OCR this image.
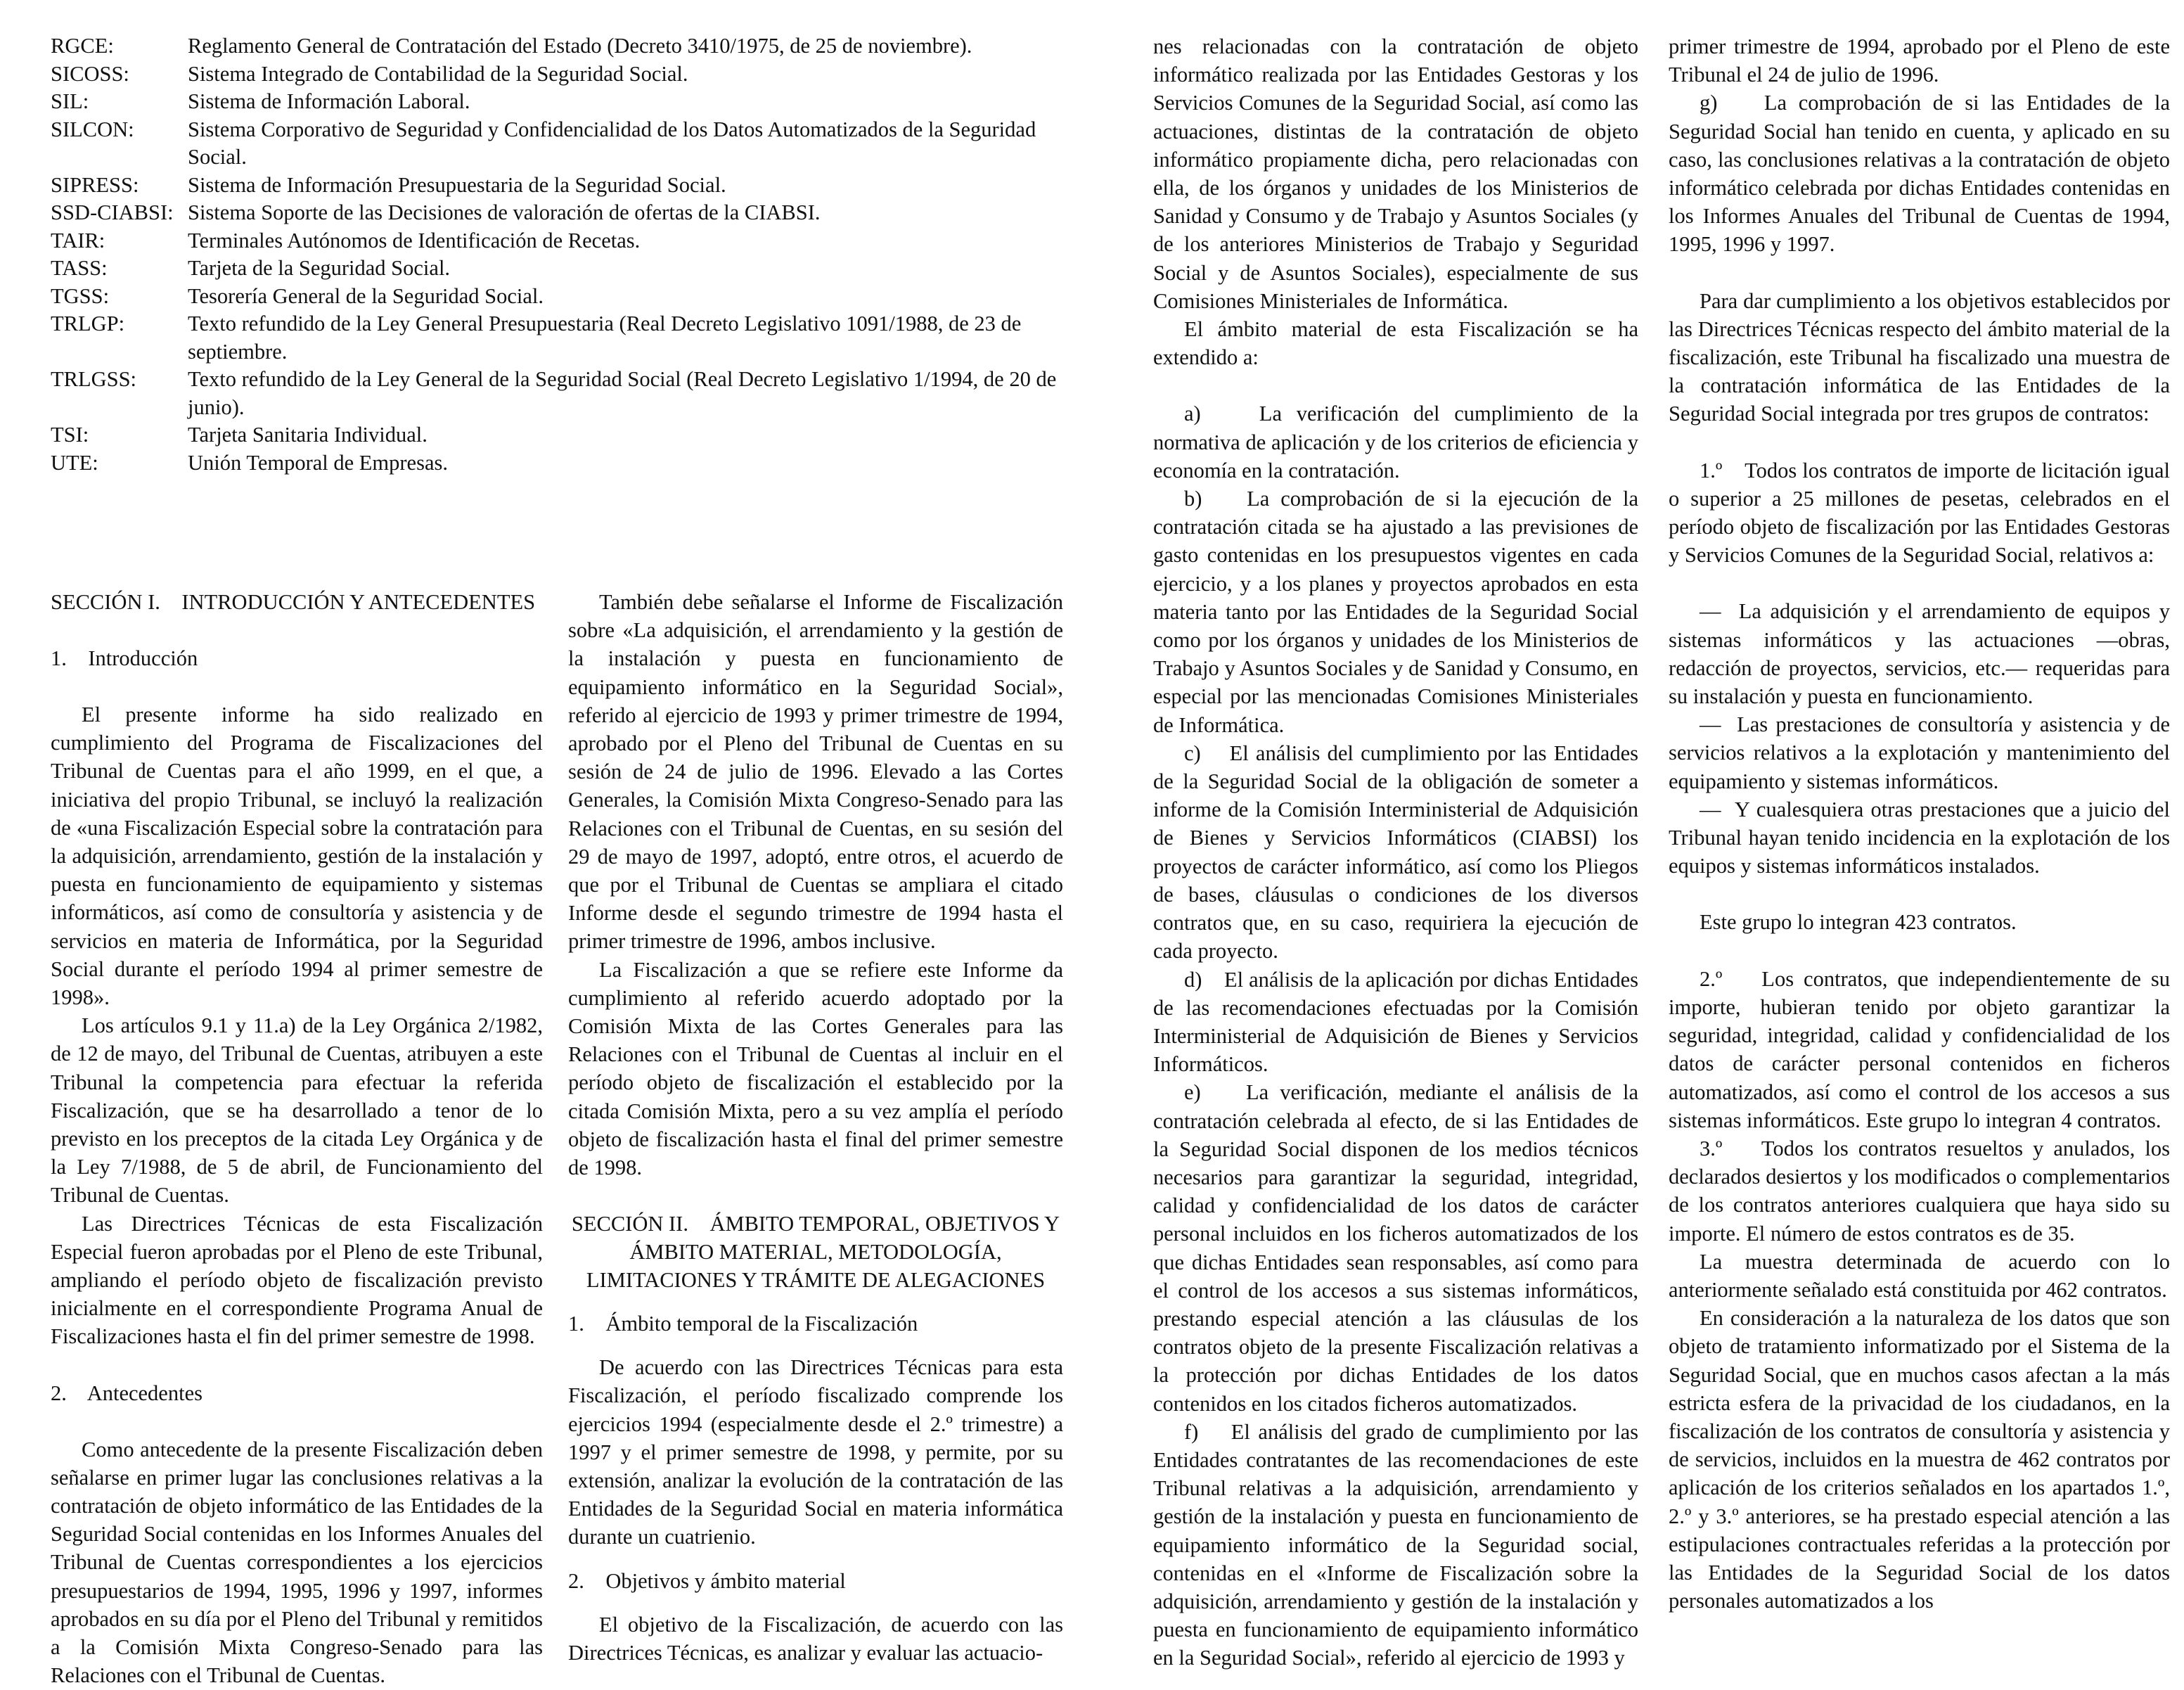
RGCE:	Reglamento General de Contratación del Estado (Decreto 3410/1975, de 25 de noviembre).
SICOSS:	Sistema Integrado de Contabilidad de la Seguridad Social.
SIL:	Sistema de Información Laboral.
SILCON:	Sistema Corporativo de Seguridad y Confidencialidad de los Datos Automatizados de la Seguridad Social.
SIPRESS:	Sistema de Información Presupuestaria de la Seguridad Social.
SSD-CIABSI: Sistema Soporte de las Decisiones de valoración de ofertas de la CIABSI.
TAIR:	Terminales Autónomos de Identificación de Recetas.
TASS:	Tarjeta de la Seguridad Social.
TGSS:	Tesorería General de la Seguridad Social.
TRLGP:	Texto refundido de la Ley General Presupuestaria (Real Decreto Legislativo 1091/1988, de 23 de septiembre.
TRLGSS:	Texto refundido de la Ley General de la Seguridad Social (Real Decreto Legislativo 1/1994, de 20 de junio).
TSI:	Tarjeta Sanitaria Individual.
UTE:	Unión Temporal de Empresas.
SECCIÓN I.    INTRODUCCIÓN Y ANTECEDENTES
1.    Introducción

El presente informe ha sido realizado en cumplimiento del Programa de Fiscalizaciones del Tribunal de Cuentas para el año 1999, en el que, a iniciativa del propio Tribunal, se incluyó la realización de «una Fiscalización Especial sobre la contratación para la adquisición, arrendamiento, gestión de la instalación y puesta en funcionamiento de equipamiento y sistemas informáticos, así como de consultoría y asistencia y de servicios en materia de Informática, por la Seguridad Social durante el período 1994 al primer semestre de 1998».

Los artículos 9.1 y 11.a) de la Ley Orgánica 2/1982, de 12 de mayo, del Tribunal de Cuentas, atribuyen a este Tribunal la competencia para efectuar la referida Fiscalización, que se ha desarrollado a tenor de lo previsto en los preceptos de la citada Ley Orgánica y de la Ley 7/1988, de 5 de abril, de Funcionamiento del Tribunal de Cuentas.

Las Directrices Técnicas de esta Fiscalización Especial fueron aprobadas por el Pleno de este Tribunal, ampliando el período objeto de fiscalización previsto inicialmente en el correspondiente Programa Anual de Fiscalizaciones hasta el fin del primer semestre de 1998.

2.    Antecedentes

Como antecedente de la presente Fiscalización deben señalarse en primer lugar las conclusiones relativas a la contratación de objeto informático de las Entidades de la Seguridad Social contenidas en los Informes Anuales del Tribunal de Cuentas correspondientes a los ejercicios presupuestarios de 1994, 1995, 1996 y 1997, informes aprobados en su día por el Pleno del Tribunal y remitidos a la Comisión Mixta Congreso-Senado para las Relaciones con el Tribunal de Cuentas.

También debe señalarse el Informe de Fiscalización sobre «La adquisición, el arrendamiento y la gestión de la instalación y puesta en funcionamiento de equipamiento informático en la Seguridad Social», referido al ejercicio de 1993 y primer trimestre de 1994, aprobado por el Pleno del Tribunal de Cuentas en su sesión de 24 de julio de 1996. Elevado a las Cortes Generales, la Comisión Mixta Congreso-Senado para las Relaciones con el Tribunal de Cuentas, en su sesión del 29 de mayo de 1997, adoptó, entre otros, el acuerdo de que por el Tribunal de Cuentas se ampliara el citado Informe desde el segundo trimestre de 1994 hasta el primer trimestre de 1996, ambos inclusive.

La Fiscalización a que se refiere este Informe da cumplimiento al referido acuerdo adoptado por la Comisión Mixta de las Cortes Generales para las Relaciones con el Tribunal de Cuentas al incluir en el período objeto de fiscalización el establecido por la citada Comisión Mixta, pero a su vez amplía el período objeto de fiscalización hasta el final del primer semestre de 1998.

SECCIÓN II.    ÁMBITO TEMPORAL, OBJETIVOS Y ÁMBITO MATERIAL, METODOLOGÍA, LIMITACIONES Y TRÁMITE DE ALEGACIONES
1.    Ámbito temporal de la Fiscalización

De acuerdo con las Directrices Técnicas para esta Fiscalización, el período fiscalizado comprende los ejercicios 1994 (especialmente desde el 2.º trimestre) a 1997 y el primer semestre de 1998, y permite, por su extensión, analizar la evolución de la contratación de las Entidades de la Seguridad Social en materia informática durante un cuatrienio.

2.    Objetivos y ámbito material

El objetivo de la Fiscalización, de acuerdo con las Directrices Técnicas, es analizar y evaluar las actuacio-

nes relacionadas con la contratación de objeto informático realizada por las Entidades Gestoras y los Servicios Comunes de la Seguridad Social, así como las actuaciones, distintas de la contratación de objeto informático propiamente dicha, pero relacionadas con ella, de los órganos y unidades de los Ministerios de Sanidad y Consumo y de Trabajo y Asuntos Sociales (y de los anteriores Ministerios de Trabajo y Seguridad Social y de Asuntos Sociales), especialmente de sus Comisiones Ministeriales de Informática.

El ámbito material de esta Fiscalización se ha extendido a:

a)    La verificación del cumplimiento de la normativa de aplicación y de los criterios de eficiencia y economía en la contratación.

b)    La comprobación de si la ejecución de la contratación citada se ha ajustado a las previsiones de gasto contenidas en los presupuestos vigentes en cada ejercicio, y a los planes y proyectos aprobados en esta materia tanto por las Entidades de la Seguridad Social como por los órganos y unidades de los Ministerios de Trabajo y Asuntos Sociales y de Sanidad y Consumo, en especial por las mencionadas Comisiones Ministeriales de Informática.

c)    El análisis del cumplimiento por las Entidades de la Seguridad Social de la obligación de someter a informe de la Comisión Interministerial de Adquisición de Bienes y Servicios Informáticos (CIABSI) los proyectos de carácter informático, así como los Pliegos de bases, cláusulas o condiciones de los diversos contratos que, en su caso, requiriera la ejecución de cada proyecto.

d)    El análisis de la aplicación por dichas Entidades de las recomendaciones efectuadas por la Comisión Interministerial de Adquisición de Bienes y Servicios Informáticos.

e)    La verificación, mediante el análisis de la contratación celebrada al efecto, de si las Entidades de la Seguridad Social disponen de los medios técnicos necesarios para garantizar la seguridad, integridad, calidad y confidencialidad de los datos de carácter personal incluidos en los ficheros automatizados de los que dichas Entidades sean responsables, así como para el control de los accesos a sus sistemas informáticos, prestando especial atención a las cláusulas de los contratos objeto de la presente Fiscalización relativas a la protección por dichas Entidades de los datos contenidos en los citados ficheros automatizados.

f)    El análisis del grado de cumplimiento por las Entidades contratantes de las recomendaciones de este Tribunal relativas a la adquisición, arrendamiento y gestión de la instalación y puesta en funcionamiento de equipamiento informático de la Seguridad social, contenidas en el «Informe de Fiscalización sobre la adquisición, arrendamiento y gestión de la instalación y puesta en funcionamiento de equipamiento informático en la Seguridad Social», referido al ejercicio de 1993 y

primer trimestre de 1994, aprobado por el Pleno de este Tribunal el 24 de julio de 1996.

g)    La comprobación de si las Entidades de la Seguridad Social han tenido en cuenta, y aplicado en su caso, las conclusiones relativas a la contratación de objeto informático celebrada por dichas Entidades contenidas en los Informes Anuales del Tribunal de Cuentas de 1994, 1995, 1996 y 1997.

Para dar cumplimiento a los objetivos establecidos por las Directrices Técnicas respecto del ámbito material de la fiscalización, este Tribunal ha fiscalizado una muestra de la contratación informática de las Entidades de la Seguridad Social integrada por tres grupos de contratos:

1.º    Todos los contratos de importe de licitación igual o superior a 25 millones de pesetas, celebrados en el período objeto de fiscalización por las Entidades Gestoras y Servicios Comunes de la Seguridad Social, relativos a:

—  La adquisición y el arrendamiento de equipos y sistemas informáticos y las actuaciones —obras, redacción de proyectos, servicios, etc.— requeridas para su instalación y puesta en funcionamiento.

—  Las prestaciones de consultoría y asistencia y de servicios relativos a la explotación y mantenimiento del equipamiento y sistemas informáticos.

—  Y cualesquiera otras prestaciones que a juicio del Tribunal hayan tenido incidencia en la explotación de los equipos y sistemas informáticos instalados.

Este grupo lo integran 423 contratos.

2.º    Los contratos, que independientemente de su importe, hubieran tenido por objeto garantizar la seguridad, integridad, calidad y confidencialidad de los datos de carácter personal contenidos en ficheros automatizados, así como el control de los accesos a sus sistemas informáticos. Este grupo lo integran 4 contratos.

3.º    Todos los contratos resueltos y anulados, los declarados desiertos y los modificados o complementarios de los contratos anteriores cualquiera que haya sido su importe. El número de estos contratos es de 35.

La muestra determinada de acuerdo con lo anteriormente señalado está constituida por 462 contratos.

En consideración a la naturaleza de los datos que son objeto de tratamiento informatizado por el Sistema de la Seguridad Social, que en muchos casos afectan a la más estricta esfera de la privacidad de los ciudadanos, en la fiscalización de los contratos de consultoría y asistencia y de servicios, incluidos en la muestra de 462 contratos por aplicación de los criterios señalados en los apartados 1.º, 2.º y 3.º anteriores, se ha prestado especial atención a las estipulaciones contractuales referidas a la protección por las Entidades de la Seguridad Social de los datos personales automatizados a los
